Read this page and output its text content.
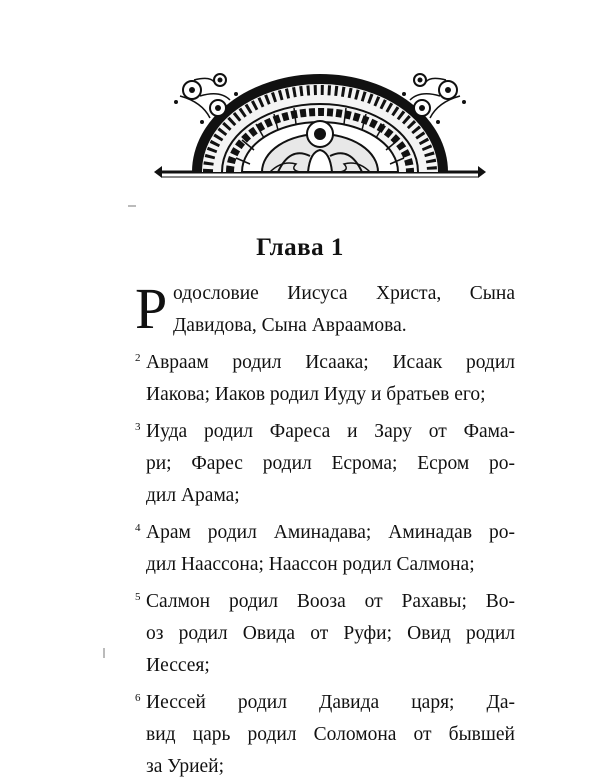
Глава 1
Р одословие Иисуса Христа, Сына
Давидова, Сына Авраамова.
2 Авраам родил Исаака; Исаак родил
Иакова; Иаков родил Иуду и братьев его;
3 Иуда родил Фареса и Зару от Фама-
ри; Фарес родил Есрома; Есром ро-
дил Арама;
4 Арам родил Аминадава; Аминадав ро-
дил Наассона; Наассон родил Салмона;
5 Салмон родил Вооза от Рахавы; Во-
оз родил Овида от Руфи; Овид родил
Иессея;
6 Иессей родил Давида царя; Да-
вид царь родил Соломона от бывшей
за Урией;
